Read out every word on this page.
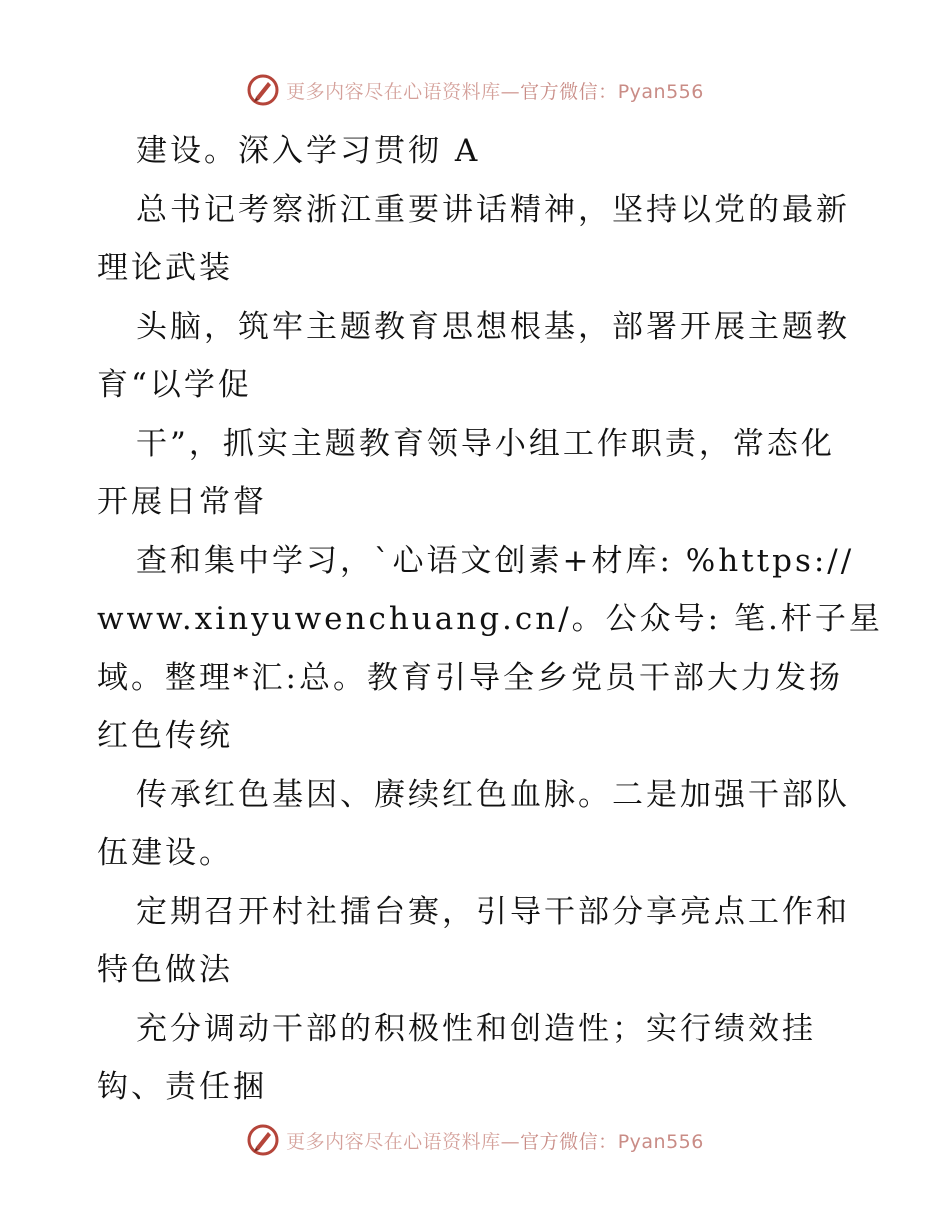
更多内容尽在心语资料库—官方微信：Pyan556

建设。深入学习贯彻 A

总书记考察浙江重要讲话精神，坚持以党的最新

理论武装

头脑，筑牢主题教育思想根基，部署开展主题教

育“以学促

干”，抓实主题教育领导小组工作职责，常态化

开展日常督

查和集中学习，`心语文创素+材库: %https://

www.xinyuwenchuang.cn/。公众号: 笔.杆子星

域。整理*汇:总。教育引导全乡党员干部大力发扬

红色传统

传承红色基因、赓续红色血脉。二是加强干部队

伍建设。

定期召开村社擂台赛，引导干部分享亮点工作和

特色做法

充分调动干部的积极性和创造性；实行绩效挂

钩、责任捆

更多内容尽在心语资料库—官方微信：Pyan556
